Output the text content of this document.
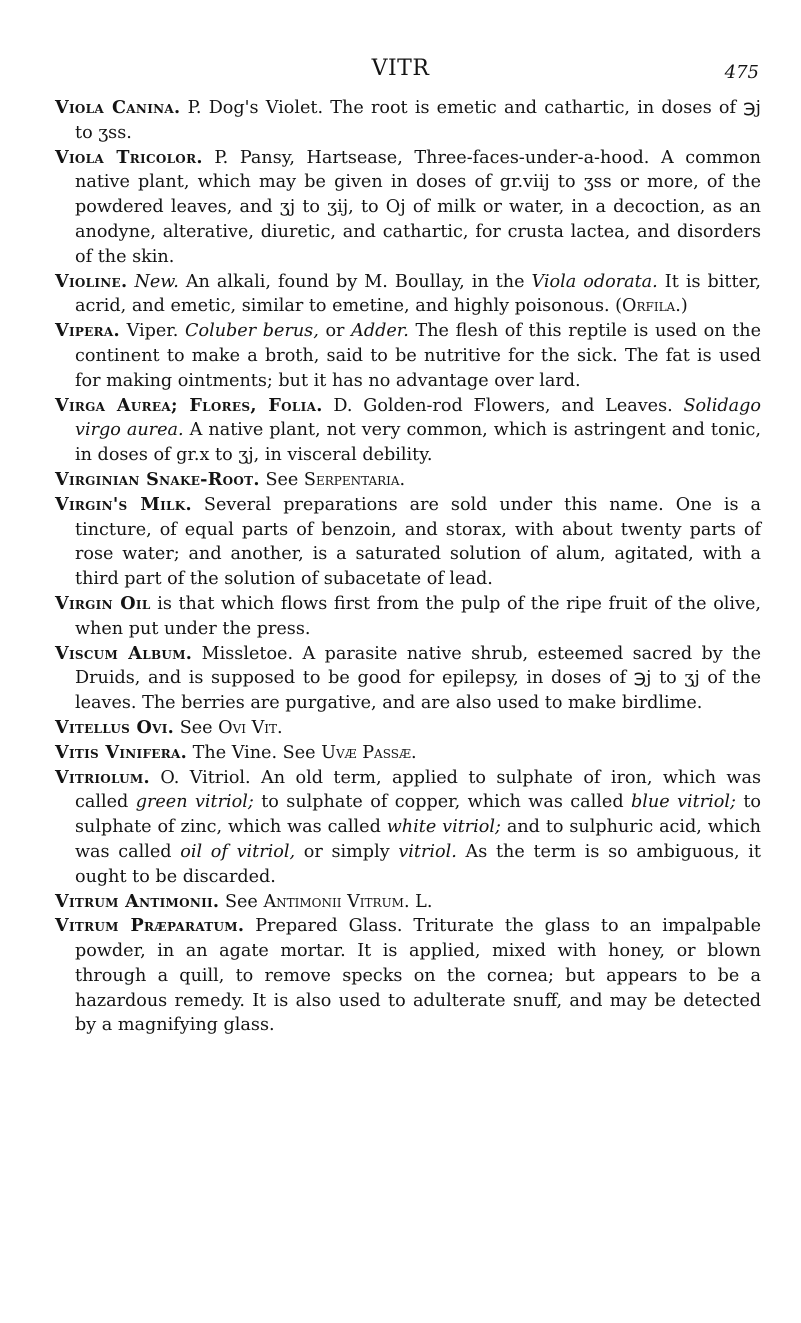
VITR	475

Viola Canina. P. Dog's Violet. The root is emetic and cathartic, in doses of ℈j to ʒss.

Viola Tricolor. P. Pansy, Hartsease, Three-faces-under-a-hood. A common native plant, which may be given in doses of gr.viij to ʒss or more, of the powdered leaves, and ʒj to ʒij, to Oj of milk or water, in a decoction, as an anodyne, alterative, diuretic, and cathartic, for crusta lactea, and disorders of the skin.

Violine. New. An alkali, found by M. Boullay, in the Viola odorata. It is bitter, acrid, and emetic, similar to emetine, and highly poisonous. (Orfila.)

Vipera. Viper. Coluber berus, or Adder. The flesh of this reptile is used on the continent to make a broth, said to be nutritive for the sick. The fat is used for making ointments; but it has no advantage over lard.

Virga Aurea; Flores, Folia. D. Golden-rod Flowers, and Leaves. Solidago virgo aurea. A native plant, not very common, which is astringent and tonic, in doses of gr.x to ʒj, in visceral debility.

Virginian Snake-Root. See Serpentaria.

Virgin's Milk. Several preparations are sold under this name. One is a tincture, of equal parts of benzoin, and storax, with about twenty parts of rose water; and another, is a saturated solution of alum, agitated, with a third part of the solution of subacetate of lead.

Virgin Oil is that which flows first from the pulp of the ripe fruit of the olive, when put under the press.

Viscum Album. Missletoe. A parasite native shrub, esteemed sacred by the Druids, and is supposed to be good for epilepsy, in doses of ℈j to ʒj of the leaves. The berries are purgative, and are also used to make birdlime.

Vitellus Ovi. See Ovi Vit.

Vitis Vinifera. The Vine. See Uvæ Passæ.

Vitriolum. O. Vitriol. An old term, applied to sulphate of iron, which was called green vitriol; to sulphate of copper, which was called blue vitriol; to sulphate of zinc, which was called white vitriol; and to sulphuric acid, which was called oil of vitriol, or simply vitriol. As the term is so ambiguous, it ought to be discarded.

Vitrum Antimonii. See Antimonii Vitrum. L.

Vitrum Præparatum. Prepared Glass. Triturate the glass to an impalpable powder, in an agate mortar. It is applied, mixed with honey, or blown through a quill, to remove specks on the cornea; but appears to be a hazardous remedy. It is also used to adulterate snuff, and may be detected by a magnifying glass.
